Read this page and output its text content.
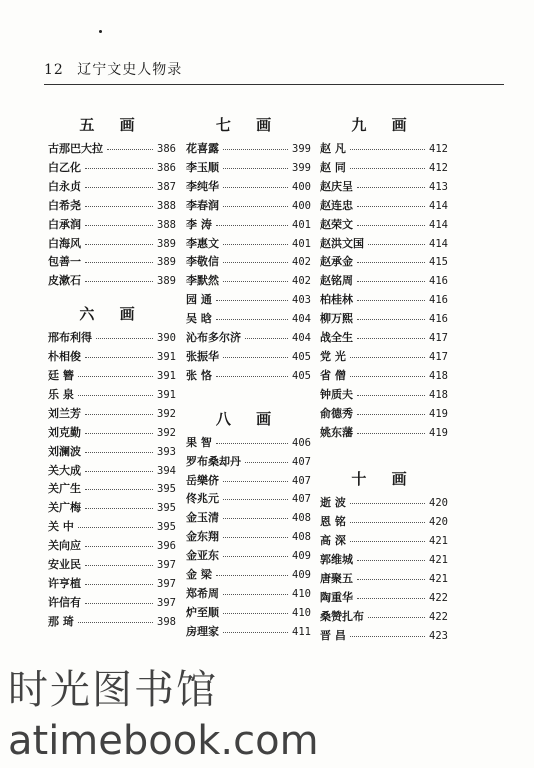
12 辽宁文史人物录
五 画
古那巴大拉	386
白乙化	386
白永贞	387
白希尧	388
白承润	388
白海风	389
包善一	389
皮漱石	389
六 画
邢布利得	390
朴相俊	391
廷 簪	391
乐 泉	391
刘兰芳	392
刘克勤	392
刘澜波	393
关大成	394
关广生	395
关广梅	395
关 中	395
关向应	396
安业民	397
许亨植	397
许信有	397
那 琦	398
七 画
花喜露	399
李玉顺	399
李纯华	400
李春润	400
李 涛	401
李惠文	401
李敬信	402
李默然	402
园 通	403
吴 晗	404
沁布多尔济	404
张振华	405
张 恪	405
八 画
果 智	406
罗布桑却丹	407
岳樂侪	407
佟兆元	407
金玉清	408
金东翔	408
金亚东	409
金 梁	409
郑希周	410
炉至顺	410
房理家	411
九 画
赵 凡	412
赵 同	412
赵庆呈	413
赵连忠	414
赵荣文	414
赵洪文国	414
赵承金	415
赵铭周	416
柏桂林	416
柳万熙	416
战全生	417
党 光	417
省 僧	418
钟质夫	418
俞德秀	419
姚东藩	419
十 画
逝 波	420
恩 铭	420
高 深	421
郭维城	421
唐聚五	421
陶重华	422
桑赞扎布	422
晋 昌	423
时光图书馆
atimebook.com
